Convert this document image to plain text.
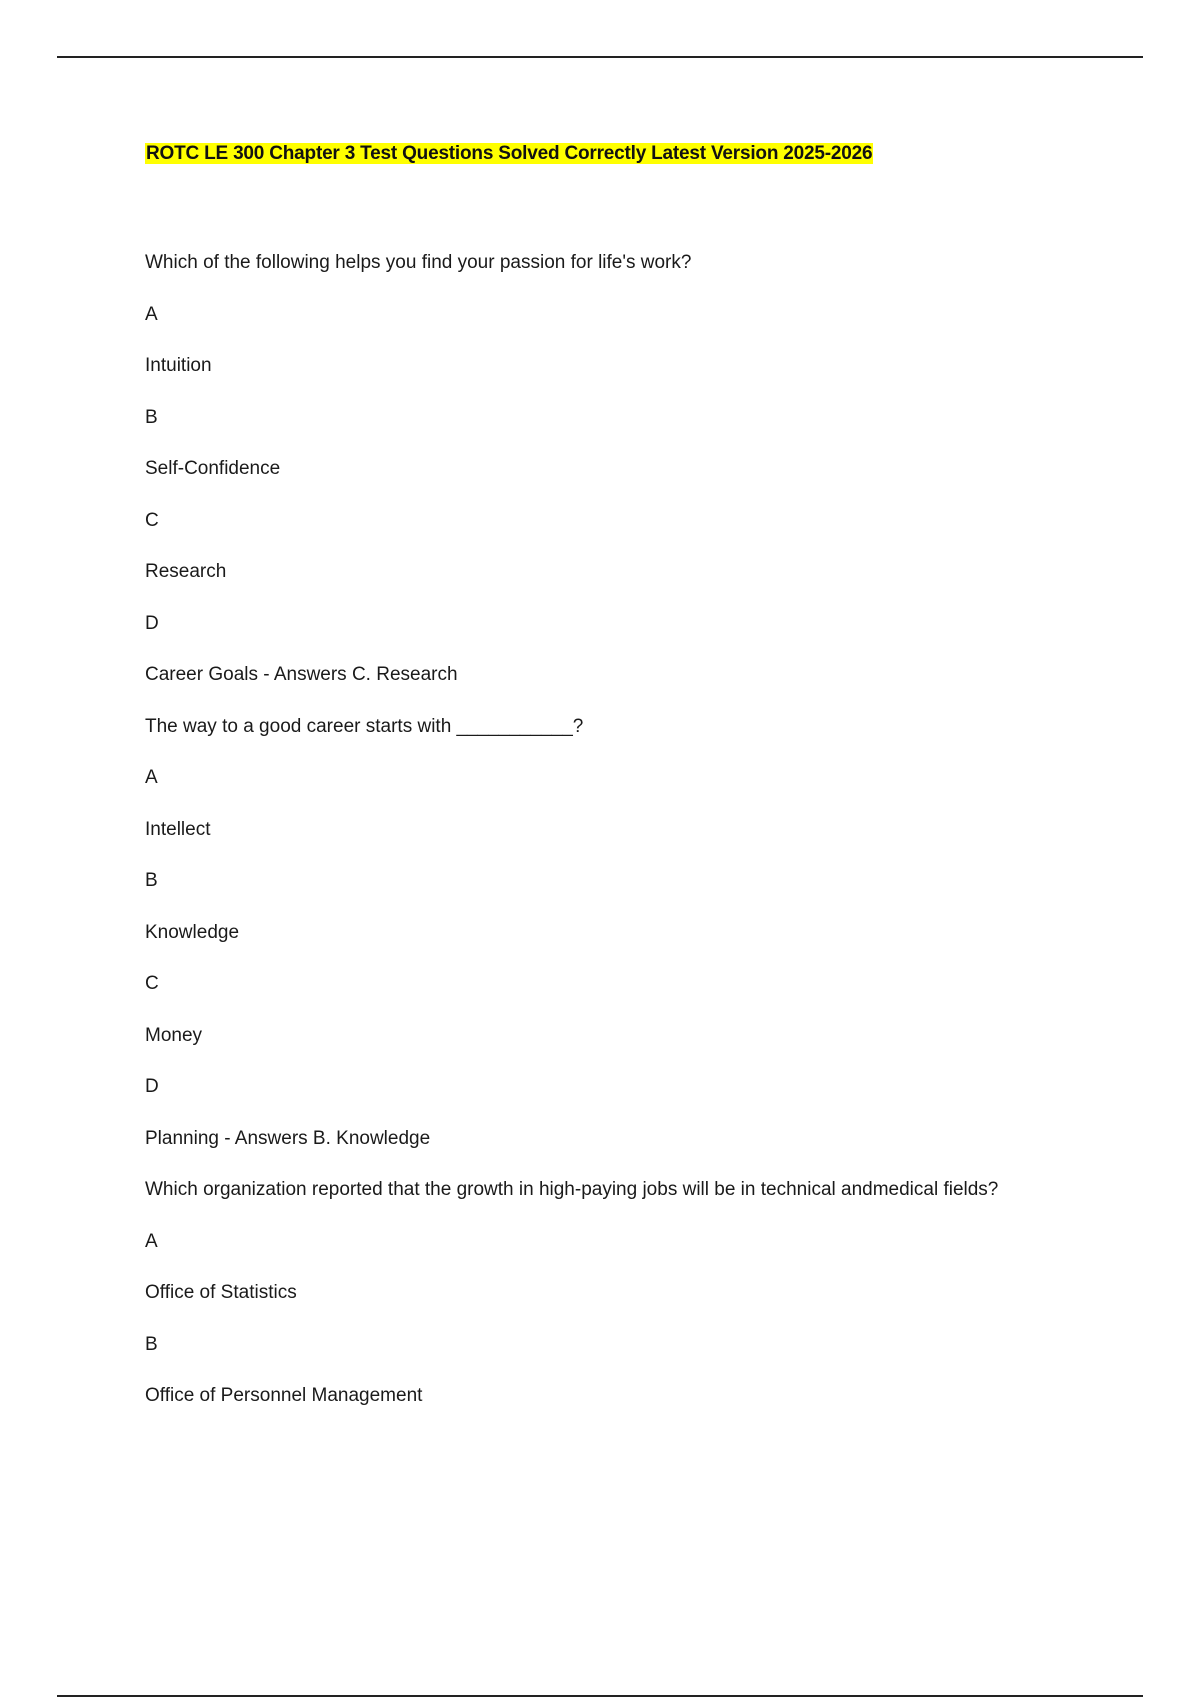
ROTC LE 300 Chapter 3 Test Questions Solved Correctly Latest Version 2025-2026

Which of the following helps you find your passion for life's work?

A

Intuition

B

Self-Confidence

C

Research

D

Career Goals - Answers C. Research

The way to a good career starts with ___________?

A

Intellect

B

Knowledge

C

Money

D

Planning - Answers B. Knowledge

Which organization reported that the growth in high-paying jobs will be in technical andmedical fields?

A

Office of Statistics

B

Office of Personnel Management
